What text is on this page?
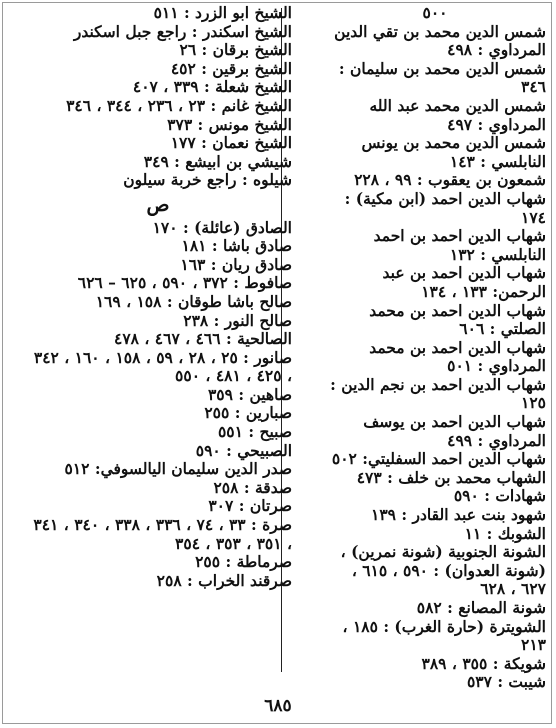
٥٠٠
شمس الدين محمد بن تقي الدين المرداوي : ٤٩٨
شمس الدين محمد بن سليمان : ٣٤٦
شمس الدين محمد عبد الله المرداوي : ٤٩٧
شمس الدين محمد بن يونس النابلسي : ١٤٣
شمعون بن يعقوب : ٩٩ ، ٢٢٨
شهاب الدين احمد (ابن مكية) : ١٧٤
شهاب الدين احمد بن احمد النابلسي : ١٣٢
شهاب الدين احمد بن عبد الرحمن: ١٣٣ ، ١٣٤
شهاب الدين احمد بن محمد الصلتي : ٦٠٦
شهاب الدين احمد بن محمد المرداوي : ٥٠١
شهاب الدين احمد بن نجم الدين : ١٢٥
شهاب الدين احمد بن يوسف المرداوي : ٤٩٩
شهاب الدين احمد السفليتي: ٥٠٢
الشهاب محمد بن خلف : ٤٧٣
شهادات : ٥٩٠
شهود بنت عبد القادر : ١٣٩
الشوبك : ١١
الشونة الجنوبية (شونة نمرين) ، (شونة العدوان) : ٥٩٠ ، ٦١٥ ، ٦٢٧ ، ٦٢٨
شونة المصانع : ٥٨٢
الشويترة (حارة الغرب) : ١٨٥ ، ٢١٣
شويكة : ٣٥٥ ، ٣٨٩
شيبت : ٥٣٧
الشيخ ابو الزرد : ٥١١
الشيخ اسكندر : راجع جبل اسكندر
الشيخ برقان : ٢٦
الشيخ برقين : ٤٥٢
الشيخ شعلة : ٣٣٩ ، ٤٠٧
الشيخ غانم : ٢٣ ، ٢٣٦ ، ٣٤٤ ، ٣٤٦
الشيخ مونس : ٣٧٣
الشيخ نعمان : ١٧٧
شيشي بن ابيشع : ٣٤٩
شيلوه : راجع خربة سيلون
ص
الصادق (عائلة) : ١٧٠
صادق باشا : ١٨١
صادق ريان : ١٦٣
صافوط : ٣٧٢ ، ٥٩٠ ، ٦٢٥ – ٦٢٦
صالح باشا طوقان : ١٥٨ ، ١٦٩
صالح النور : ٢٣٨
الصالحية : ٤٦٦ ، ٤٦٧ ، ٤٧٨
صانور : ٢٥ ، ٢٨ ، ٥٩ ، ١٥٨ ، ١٦٠ ، ٣٤٢ ، ٤٢٥ ، ٤٨١ ، ٥٥٠
صاهين : ٣٥٩
صبارين : ٢٥٥
صبيح : ٥٥١
الصبيحي : ٥٩٠
صدر الدين سليمان اليالسوفي: ٥١٢
صدقة : ٢٥٨
صرتان : ٣٠٧
صرة : ٣٣ ، ٧٤ ، ٣٣٦ ، ٣٣٨ ، ٣٤٠ ، ٣٤١ ، ٣٥١ ، ٣٥٣ ، ٣٥٤
صرماطة : ٢٥٥
صرقند الخراب : ٢٥٨
٦٨٥
